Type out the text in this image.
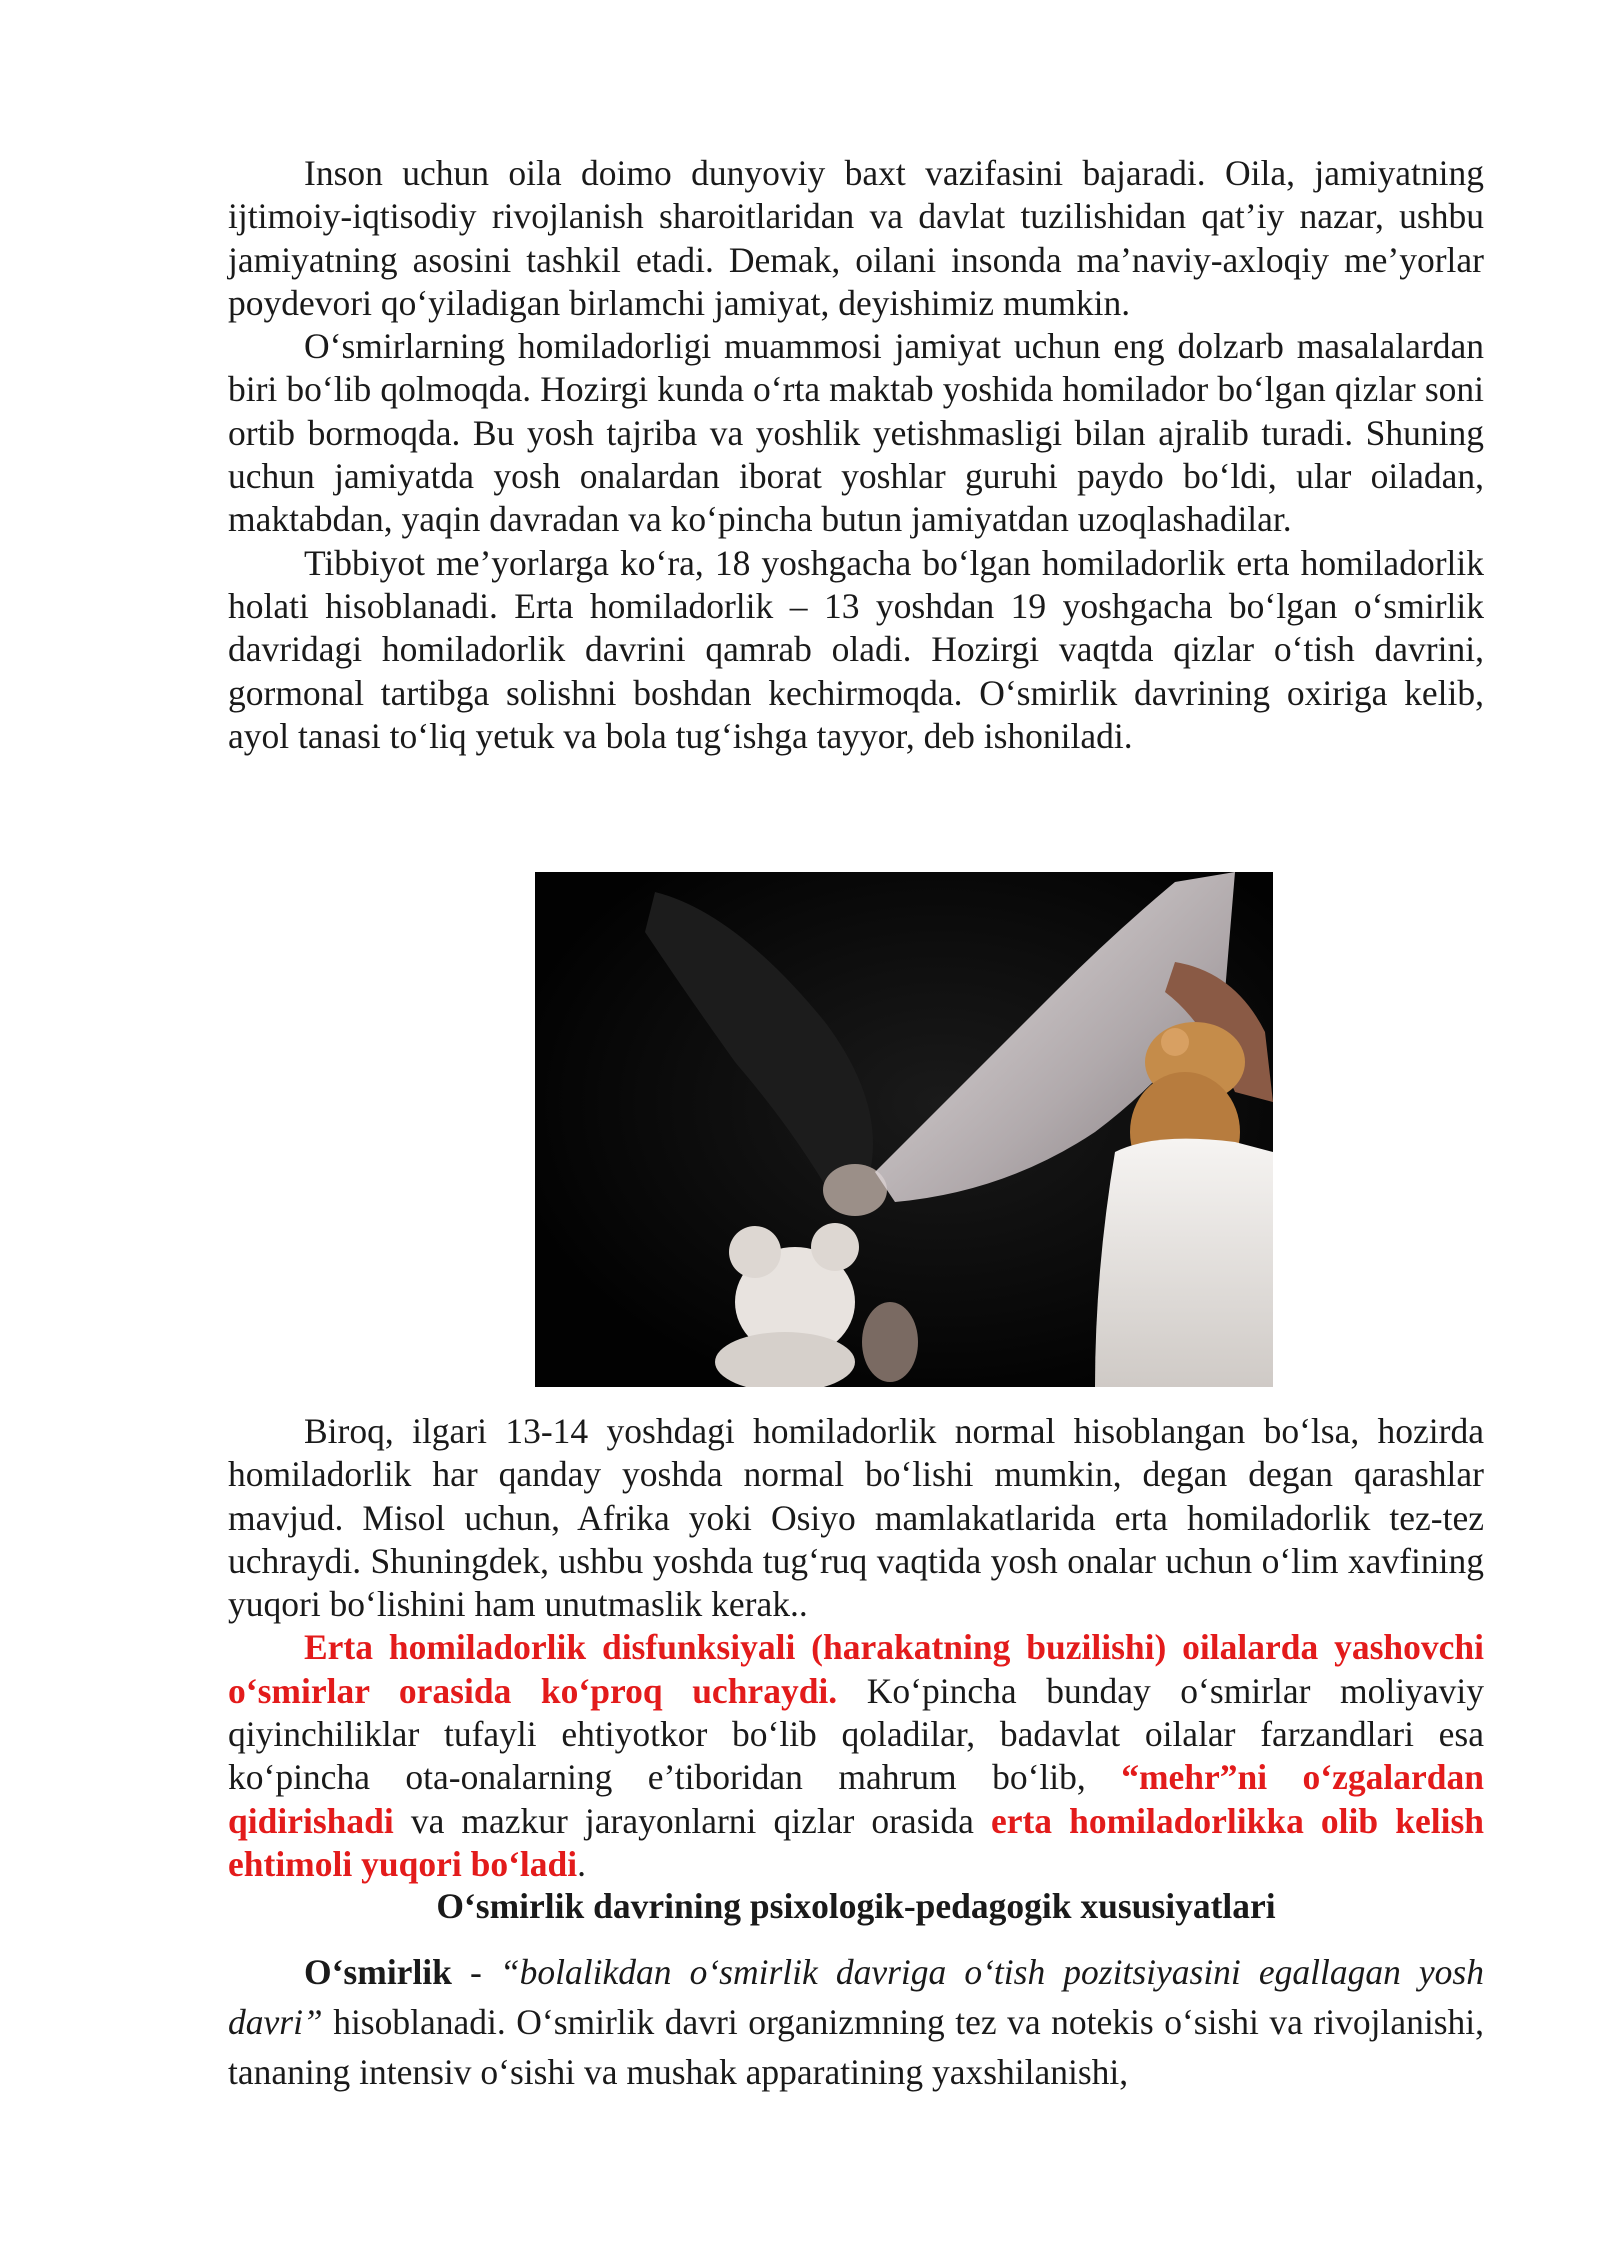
Inson uchun oila doimo dunyoviy baxt vazifasini bajaradi. Oila, jamiyatning ijtimoiy-iqtisodiy rivojlanish sharoitlaridan va davlat tuzilishidan qat’iy nazar, ushbu jamiyatning asosini tashkil etadi. Demak, oilani insonda ma’naviy-axloqiy me’yorlar poydevori qo‘yiladigan birlamchi jamiyat, deyishimiz mumkin.

O‘smirlarning homiladorligi muammosi jamiyat uchun eng dolzarb masalalardan biri bo‘lib qolmoqda. Hozirgi kunda o‘rta maktab yoshida homilador bo‘lgan qizlar soni ortib bormoqda. Bu yosh tajriba va yoshlik yetishmasligi bilan ajralib turadi. Shuning uchun jamiyatda yosh onalardan iborat yoshlar guruhi paydo bo‘ldi, ular oiladan, maktabdan, yaqin davradan va ko‘pincha butun jamiyatdan uzoqlashadilar.

Tibbiyot me’yorlarga ko‘ra, 18 yoshgacha bo‘lgan homiladorlik erta homiladorlik holati hisoblanadi. Erta homiladorlik – 13 yoshdan 19 yoshgacha bo‘lgan o‘smirlik davridagi homiladorlik davrini qamrab oladi. Hozirgi vaqtda qizlar o‘tish davrini, gormonal tartibga solishni boshdan kechirmoqda. O‘smirlik davrining oxiriga kelib, ayol tanasi to‘liq yetuk va bola tug‘ishga tayyor, deb ishoniladi.

Biroq, ilgari 13-14 yoshdagi homiladorlik normal hisoblangan bo‘lsa, hozirda homiladorlik har qanday yoshda normal bo‘lishi mumkin, degan degan qarashlar mavjud. Misol uchun, Afrika yoki Osiyo mamlakatlarida erta homiladorlik tez-tez uchraydi. Shuningdek, ushbu yoshda tug‘ruq vaqtida yosh onalar uchun o‘lim xavfining yuqori bo‘lishini ham unutmaslik kerak..

Erta homiladorlik disfunksiyali (harakatning buzilishi) oilalarda yashovchi o‘smirlar orasida ko‘proq uchraydi. Ko‘pincha bunday o‘smirlar moliyaviy qiyinchiliklar tufayli ehtiyotkor bo‘lib qoladilar, badavlat oilalar farzandlari esa ko‘pincha ota-onalarning e’tiboridan mahrum bo‘lib, “mehr”ni o‘zgalardan qidirishadi va mazkur jarayonlarni qizlar orasida erta homiladorlikka olib kelish ehtimoli yuqori bo‘ladi.

O‘smirlik davrining psixologik-pedagogik xususiyatlari

O‘smirlik - “bolalikdan o‘smirlik davriga o‘tish pozitsiyasini egallagan yosh davri” hisoblanadi. O‘smirlik davri organizmning tez va notekis o‘sishi va rivojlanishi, tananing intensiv o‘sishi va mushak apparatining yaxshilanishi,
